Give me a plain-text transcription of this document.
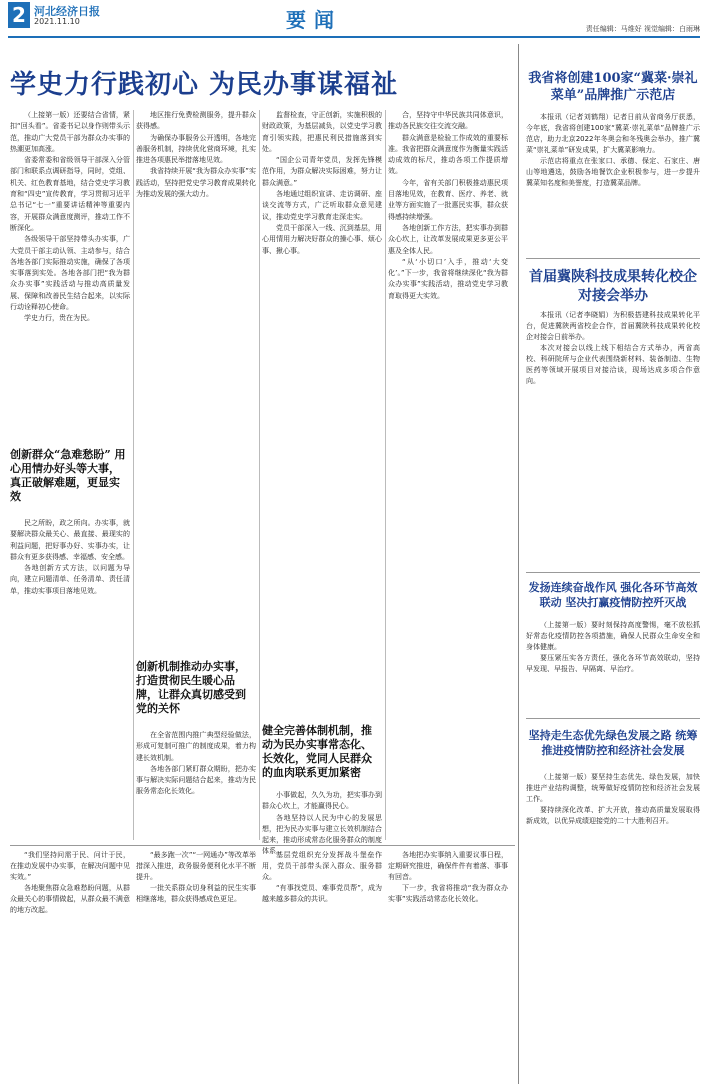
2 河北经济日报
2021.11.10	要闻	责任编辑：马维好 视觉编辑：白雨琳
学史力行践初心 为民办事谋福祉

（上接第一版）还要结合省情，紧扣“回头看”。省委书记以身作则带头示范，推动广大党员干部为群众办实事的热潮更加高涨。

省委常委和省级领导干部深入分管部门和联系点调研指导，同时，党组、机关、红色教育基地，结合党史学习教育和“四史”宣传教育，学习贯彻习近平总书记“七一”重要讲话精神等重要内容，开展群众满意度测评，推动工作不断深化。

各级领导干部坚持带头办实事，广大党员干部主动认领、主动参与，结合各地各部门实际推动实施，确保了各项实事落到实处。各地各部门把“我为群众办实事”实践活动与推动高质量发展、保障和改善民生结合起来，以实际行动诠释初心使命。

学史力行，贵在为民。

创新群众“急难愁盼” 用心用情办好头等大事，真正破解难题，更显实效

民之所盼，政之所向。办实事，就要解决群众最关心、最直接、最现实的利益问题，把好事办好、实事办实，让群众有更多获得感、幸福感、安全感。

各地创新方式方法，以问题为导向，建立问题清单、任务清单、责任清单，推动实事项目落地见效。

地区推行免费检测服务，提升群众获得感。

为确保办事服务公开透明，各地完善服务机制，持续优化营商环境，扎实推进各项惠民举措落地见效。

我省持续开展“我为群众办实事”实践活动，坚持把党史学习教育成果转化为推动发展的强大动力。

创新机制推动办实事，打造贯彻民生暖心品牌，让群众真切感受到党的关怀

在全省范围内推广典型经验做法，形成可复制可推广的制度成果，着力构建长效机制。

各地各部门紧盯群众期盼，把办实事与解决实际问题结合起来，推动为民服务常态化长效化。

监督检查，守正创新，实施积极的财政政策，为基层减负，以党史学习教育引领实践，把惠民利民措施落到实处。

“国企公司青年党员，发挥先锋模范作用，为群众解决实际困难，努力让群众满意。”

各地通过组织宣讲、走访调研、座谈交流等方式，广泛听取群众意见建议，推动党史学习教育走深走实。

党员干部深入一线、沉到基层，用心用情用力解决好群众的操心事、烦心事、揪心事。

健全完善体制机制，推动为民办实事常态化、长效化，党同人民群众的血肉联系更加紧密

小事做起，久久为功，把实事办到群众心坎上，才能赢得民心。

各地坚持以人民为中心的发展思想，把为民办实事与建立长效机制结合起来，推动形成常态化服务群众的制度体系。

合，坚持守中华民族共同体意识，推动各民族交往交流交融。

群众满意是检验工作成效的重要标准。我省把群众满意度作为衡量实践活动成效的标尺，推动各项工作提质增效。

今年，省有关部门积极推动惠民项目落地见效，在教育、医疗、养老、就业等方面实施了一批惠民实事，群众获得感持续增强。

各地创新工作方法，把实事办到群众心坎上，让改革发展成果更多更公平惠及全体人民。

“从‘小切口’入手，推动‘大变化’。”下一步，我省将继续深化“我为群众办实事”实践活动，推动党史学习教育取得更大实效。

我省将创建100家“冀菜·崇礼菜单”品牌推广示范店

本报讯（记者刘鹤翔）记者日前从省商务厅获悉，今年底，我省将创建100家“冀菜·崇礼菜单”品牌推广示范店，助力北京2022年冬奥会和冬残奥会举办，推广冀菜“崇礼菜单”研发成果，扩大冀菜影响力。

示范店将重点在张家口、承德、保定、石家庄、唐山等地遴选，鼓励各地餐饮企业积极参与，进一步提升冀菜知名度和美誉度，打造冀菜品牌。

首届冀陕科技成果转化校企对接会举办

本报讯（记者李晓娟）为积极搭建科技成果转化平台，促进冀陕两省校企合作，首届冀陕科技成果转化校企对接会日前举办。

本次对接会以线上线下相结合方式举办，两省高校、科研院所与企业代表围绕新材料、装备制造、生物医药等领域开展项目对接洽谈，现场达成多项合作意向。

发扬连续奋战作风 强化各环节高效联动 坚决打赢疫情防控歼灭战

（上接第一版）要时刻保持高度警惕，毫不放松抓好常态化疫情防控各项措施，确保人民群众生命安全和身体健康。

要压紧压实各方责任，强化各环节高效联动，坚持早发现、早报告、早隔离、早治疗。

坚持走生态优先绿色发展之路 统筹推进疫情防控和经济社会发展

（上接第一版）要坚持生态优先、绿色发展，加快推进产业结构调整，统筹做好疫情防控和经济社会发展工作。

要持续深化改革、扩大开放，推动高质量发展取得新成效，以优异成绩迎接党的二十大胜利召开。

“我们坚持问需于民、问计于民，在推动发展中办实事，在解决问题中见实效。”

各地聚焦群众急难愁盼问题，从群众最关心的事情做起，从群众最不满意的地方改起。

“最多跑一次”“一网通办”等改革举措深入推进，政务服务便利化水平不断提升。

一批关系群众切身利益的民生实事相继落地，群众获得感成色更足。

基层党组织充分发挥战斗堡垒作用，党员干部带头深入群众、服务群众。

“有事找党员、难事党员帮”，成为越来越多群众的共识。

各地把办实事纳入重要议事日程，定期研究推进，确保件件有着落、事事有回音。

下一步，我省将推动“我为群众办实事”实践活动常态化长效化。
